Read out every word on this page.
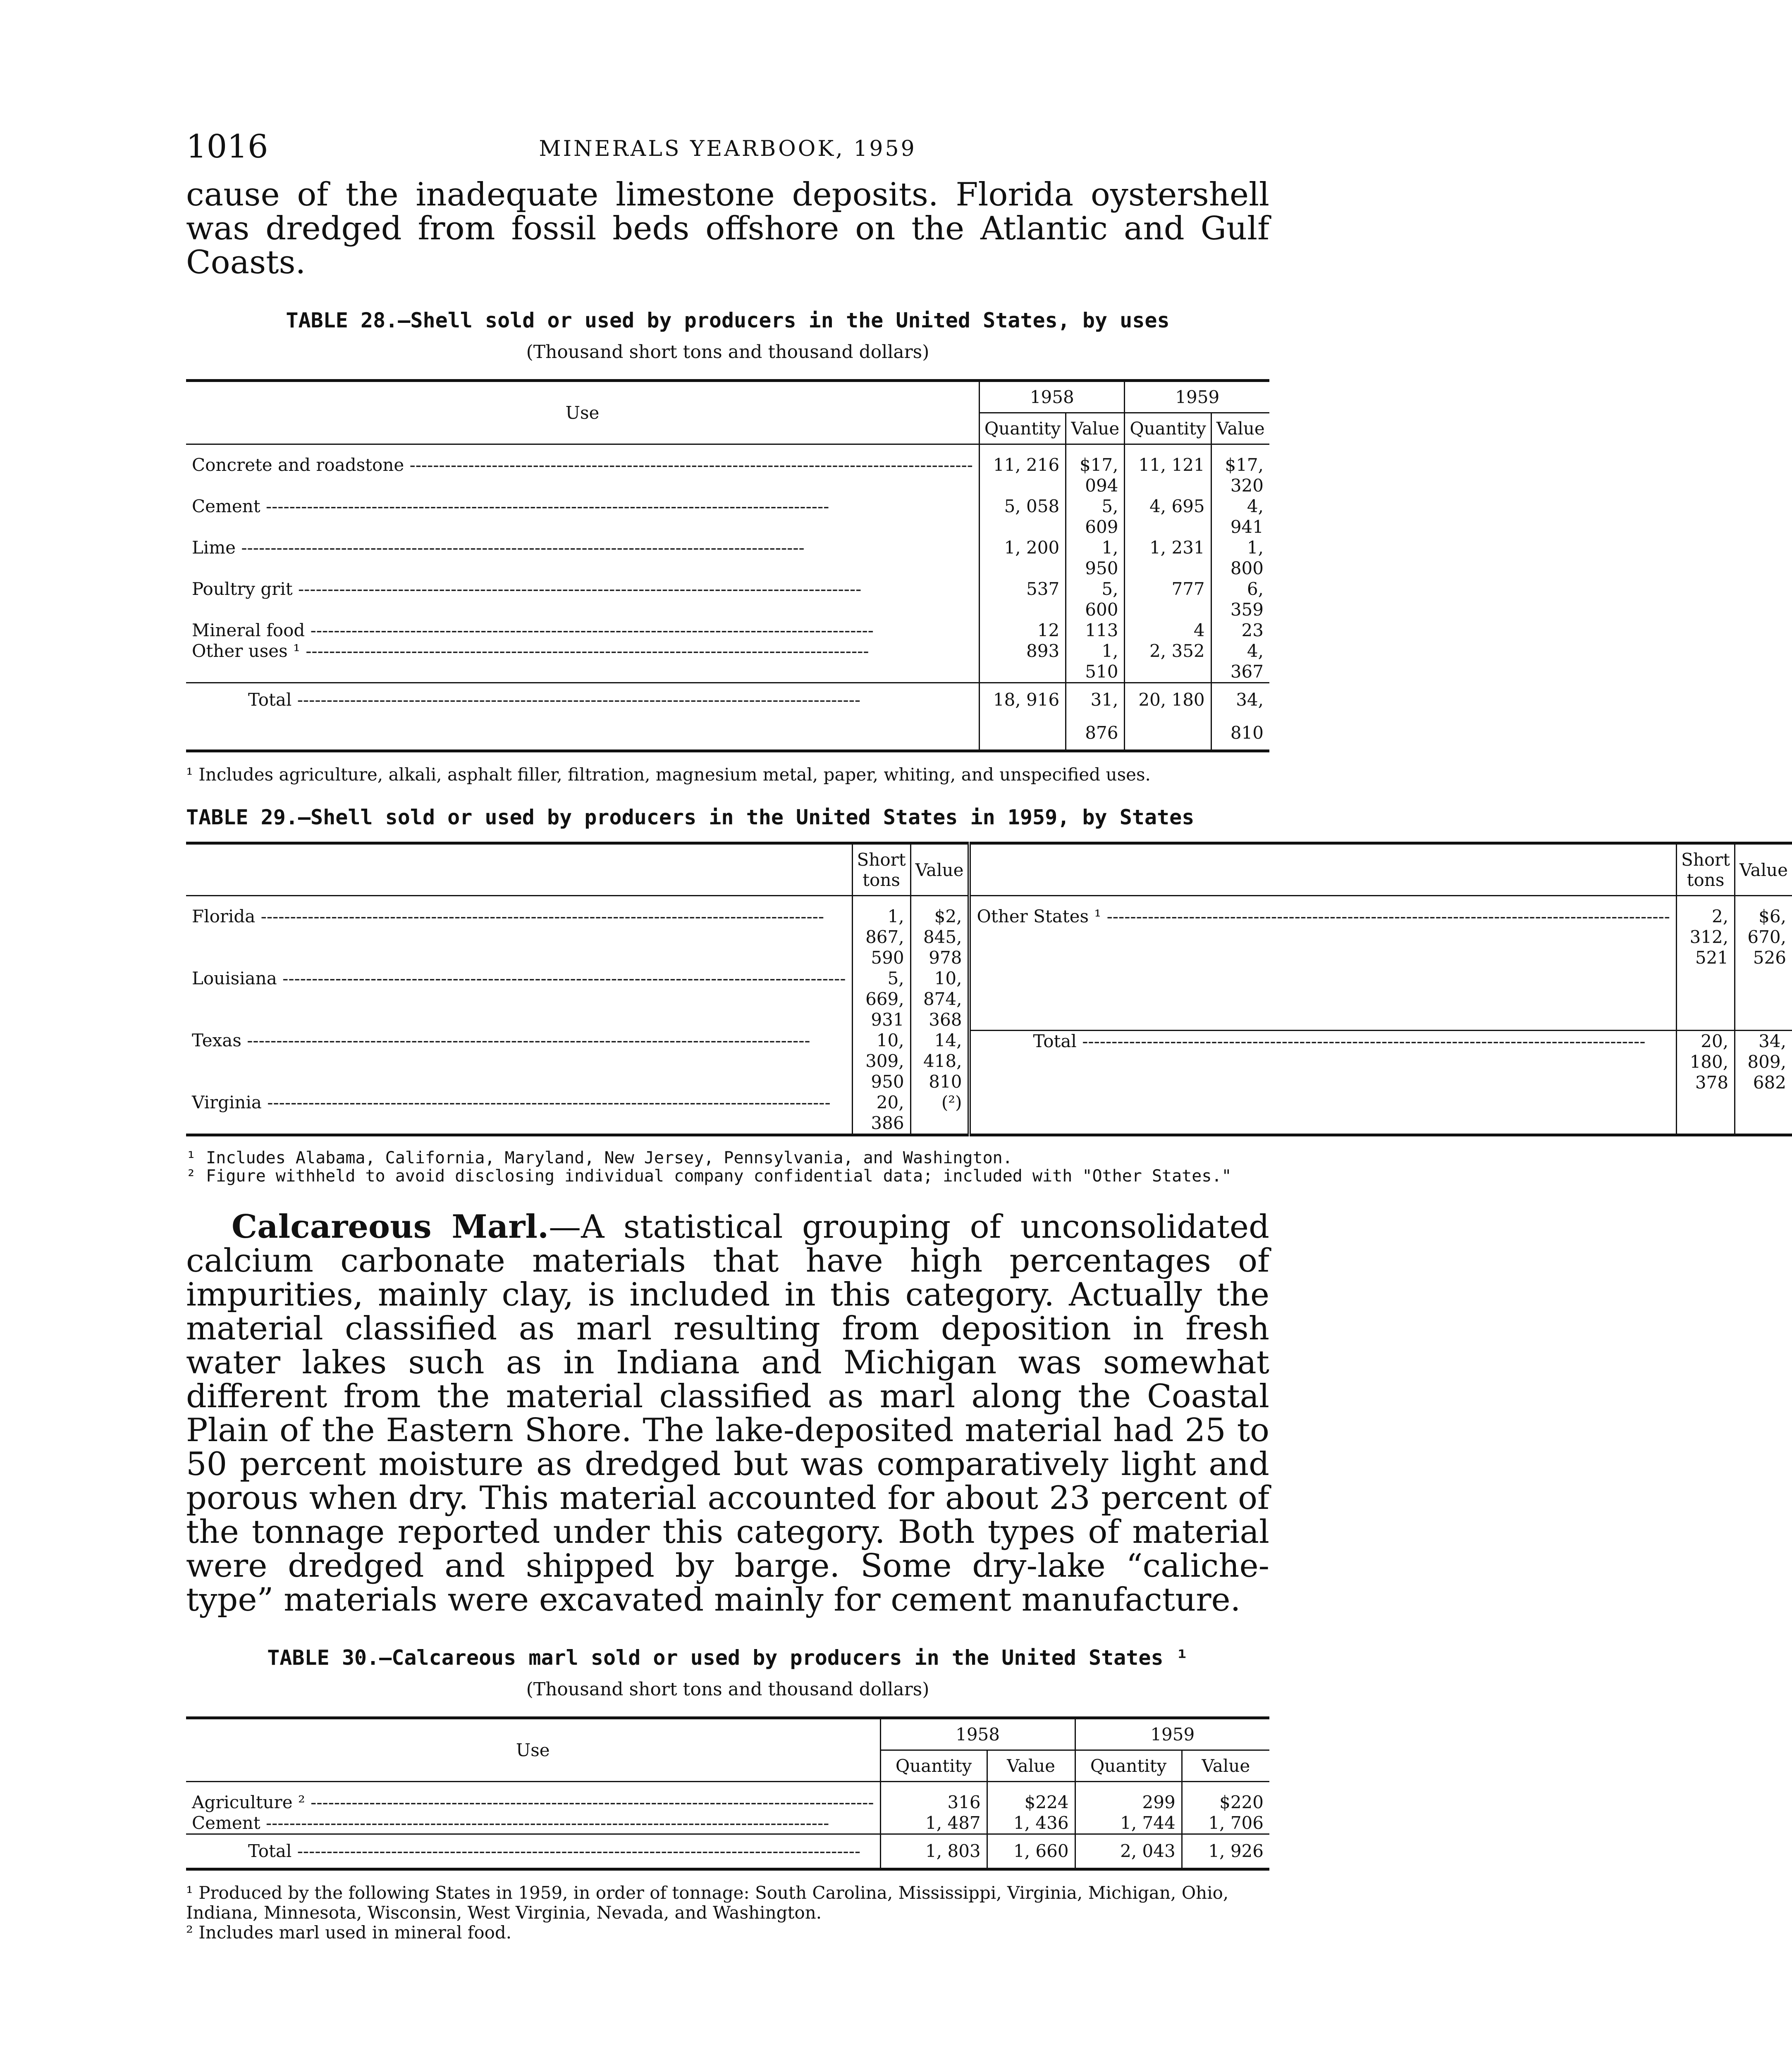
1016	MINERALS YEARBOOK, 1959

cause of the inadequate limestone deposits. Florida oystershell was dredged from fossil beds offshore on the Atlantic and Gulf Coasts.

TABLE 28.—Shell sold or used by producers in the United States, by uses
(Thousand short tons and thousand dollars)
Use	1958		1959	
	Quantity	Value	Quantity	Value

Concrete and roadstone -----	11, 216	$17, 094	11, 121	$17, 320
Cement -----	5, 058	5, 609	4, 695	4, 941
Lime -----	1, 200	1, 950	1, 231	1, 800
Poultry grit -----	537	5, 600	777	6, 359
Mineral food -----	12	113	4	23
Other uses ¹ -----	893	1, 510	2, 352	4, 367
Total -----	18, 916	31, 876	20, 180	34, 810
¹ Includes agriculture, alkali, asphalt filler, filtration, magnesium metal, paper, whiting, and unspecified uses.
TABLE 29.—Shell sold or used by producers in the United States in 1959, by States
	Short tons	Value		Short tons	Value

Florida -----	1, 867, 590	$2, 845, 978	Other States ¹ -----	2, 312, 521	$6, 670, 526
Louisiana -----	5, 669, 931	10, 874, 368			
Texas -----	10, 309, 950	14, 418, 810	Total -----	20, 180, 378	34, 809, 682
Virginia -----	20, 386	(²)			
¹ Includes Alabama, California, Maryland, New Jersey, Pennsylvania, and Washington.
² Figure withheld to avoid disclosing individual company confidential data; included with "Other States."

Calcareous Marl.—A statistical grouping of unconsolidated calcium carbonate materials that have high percentages of impurities, mainly clay, is included in this category. Actually the material classified as marl resulting from deposition in fresh water lakes such as in Indiana and Michigan was somewhat different from the material classified as marl along the Coastal Plain of the Eastern Shore. The lake-deposited material had 25 to 50 percent moisture as dredged but was comparatively light and porous when dry. This material accounted for about 23 percent of the tonnage reported under this category. Both types of material were dredged and shipped by barge. Some dry-lake “caliche-type” materials were excavated mainly for cement manufacture.

TABLE 30.—Calcareous marl sold or used by producers in the United States ¹
(Thousand short tons and thousand dollars)
Use	1958		1959	
	Quantity	Value	Quantity	Value

Agriculture ² -----	316	$224	299	$220
Cement -----	1, 487	1, 436	1, 744	1, 706
Total -----	1, 803	1, 660	2, 043	1, 926
¹ Produced by the following States in 1959, in order of tonnage: South Carolina, Mississippi, Virginia, Michigan, Ohio, Indiana, Minnesota, Wisconsin, West Virginia, Nevada, and Washington.
² Includes marl used in mineral food.
